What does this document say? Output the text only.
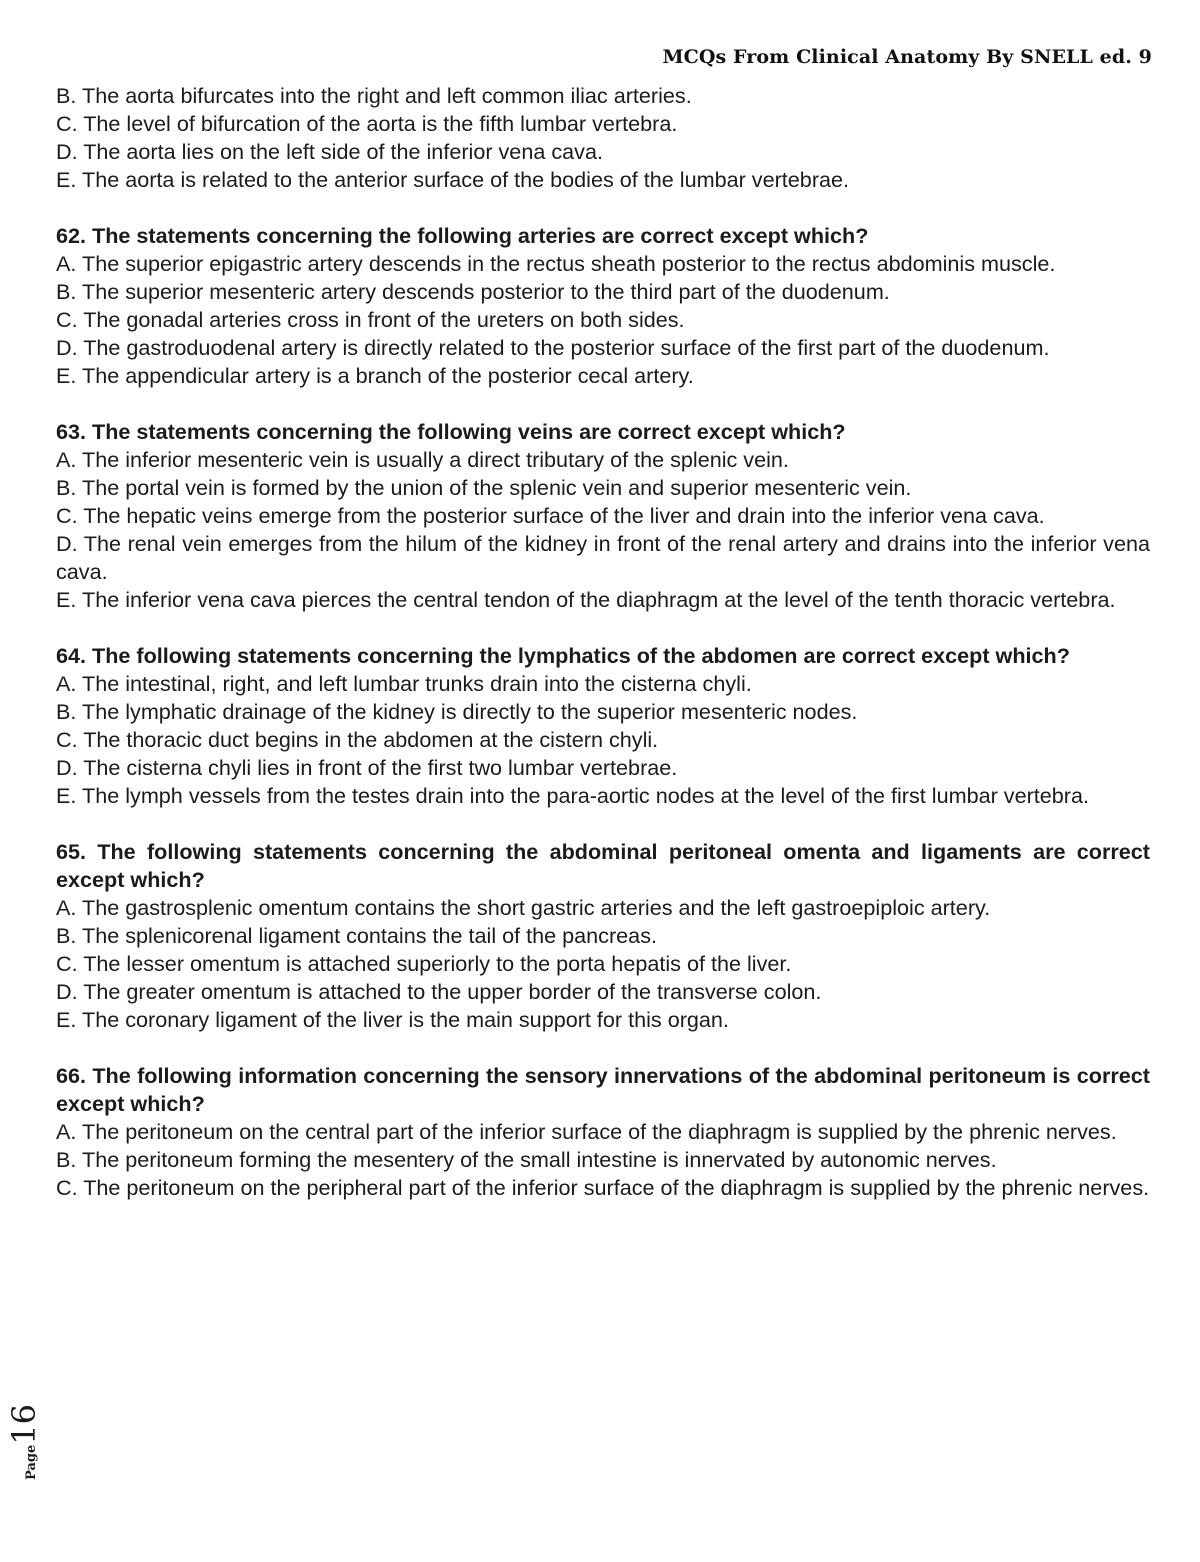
MCQs From Clinical Anatomy By SNELL ed. 9
B. The aorta bifurcates into the right and left common iliac arteries.
C. The level of bifurcation of the aorta is the fifth lumbar vertebra.
D. The aorta lies on the left side of the inferior vena cava.
E. The aorta is related to the anterior surface of the bodies of the lumbar vertebrae.
62. The statements concerning the following arteries are correct except which?
A. The superior epigastric artery descends in the rectus sheath posterior to the rectus abdominis muscle.
B. The superior mesenteric artery descends posterior to the third part of the duodenum.
C. The gonadal arteries cross in front of the ureters on both sides.
D. The gastroduodenal artery is directly related to the posterior surface of the first part of the duodenum.
E. The appendicular artery is a branch of the posterior cecal artery.
63. The statements concerning the following veins are correct except which?
A. The inferior mesenteric vein is usually a direct tributary of the splenic vein.
B. The portal vein is formed by the union of the splenic vein and superior mesenteric vein.
C. The hepatic veins emerge from the posterior surface of the liver and drain into the inferior vena cava.
D. The renal vein emerges from the hilum of the kidney in front of the renal artery and drains into the inferior vena cava.
E. The inferior vena cava pierces the central tendon of the diaphragm at the level of the tenth thoracic vertebra.
64. The following statements concerning the lymphatics of the abdomen are correct except which?
A. The intestinal, right, and left lumbar trunks drain into the cisterna chyli.
B. The lymphatic drainage of the kidney is directly to the superior mesenteric nodes.
C. The thoracic duct begins in the abdomen at the cistern chyli.
D. The cisterna chyli lies in front of the first two lumbar vertebrae.
E. The lymph vessels from the testes drain into the para-aortic nodes at the level of the first lumbar vertebra.
65. The following statements concerning the abdominal peritoneal omenta and ligaments are correct except which?
A. The gastrosplenic omentum contains the short gastric arteries and the left gastroepiploic artery.
B. The splenicorenal ligament contains the tail of the pancreas.
C. The lesser omentum is attached superiorly to the porta hepatis of the liver.
D. The greater omentum is attached to the upper border of the transverse colon.
E. The coronary ligament of the liver is the main support for this organ.
66. The following information concerning the sensory innervations of the abdominal peritoneum is correct except which?
A. The peritoneum on the central part of the inferior surface of the diaphragm is supplied by the phrenic nerves.
B. The peritoneum forming the mesentery of the small intestine is innervated by autonomic nerves.
C. The peritoneum on the peripheral part of the inferior surface of the diaphragm is supplied by the phrenic nerves.
Page16
